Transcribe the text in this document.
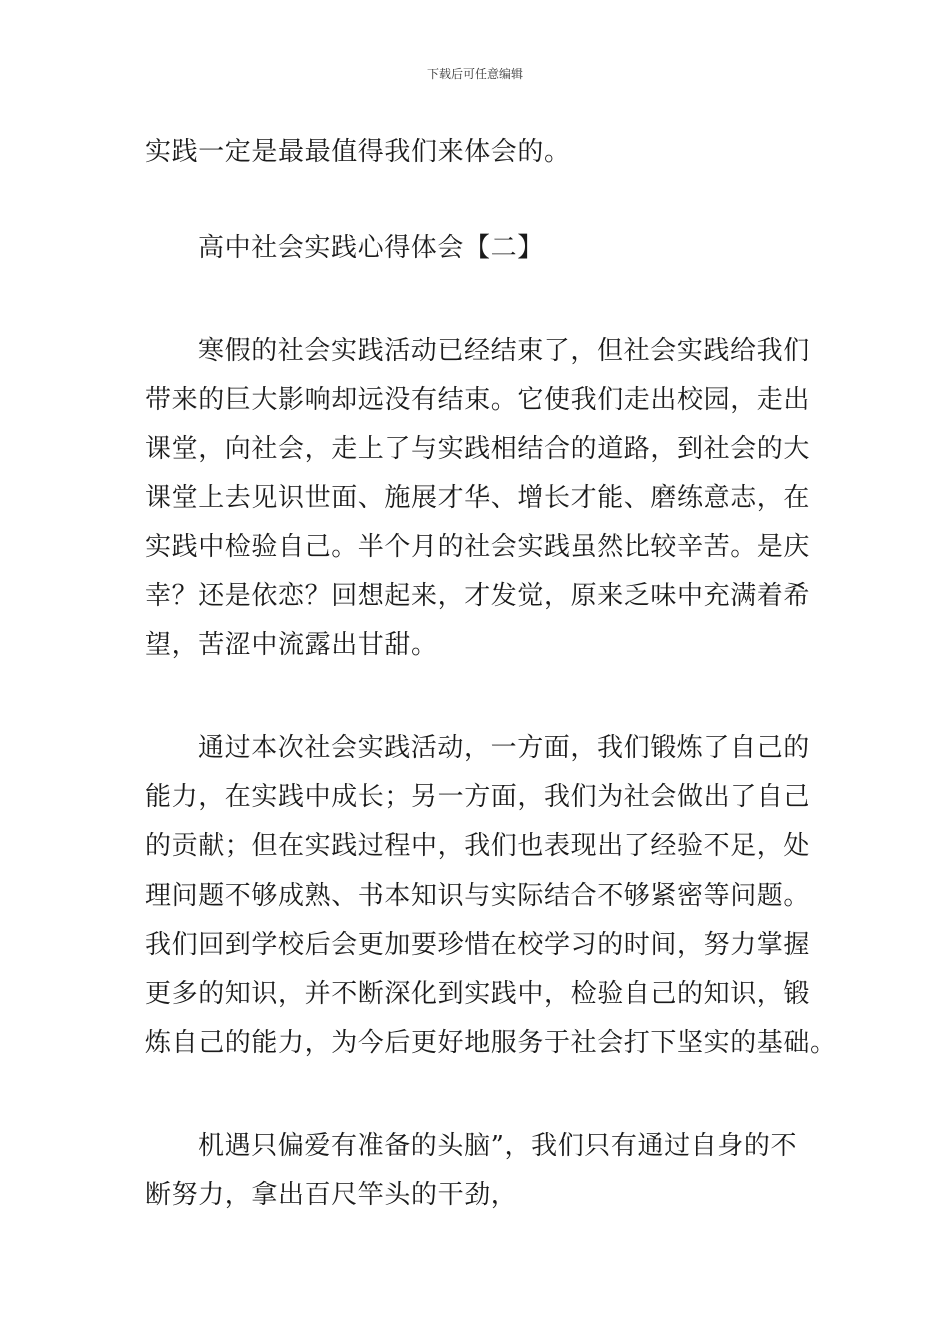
下载后可任意编辑
实践一定是最最值得我们来体会的。
高中社会实践心得体会【二】
寒假的社会实践活动已经结束了，但社会实践给我们
带来的巨大影响却远没有结束。它使我们走出校园，走出
课堂，向社会，走上了与实践相结合的道路，到社会的大
课堂上去见识世面、施展才华、增长才能、磨练意志，在
实践中检验自己。半个月的社会实践虽然比较辛苦。是庆
幸？还是依恋？回想起来，才发觉，原来乏味中充满着希
望，苦涩中流露出甘甜。
通过本次社会实践活动，一方面，我们锻炼了自己的
能力，在实践中成长；另一方面，我们为社会做出了自己
的贡献；但在实践过程中，我们也表现出了经验不足，处
理问题不够成熟、书本知识与实际结合不够紧密等问题。
我们回到学校后会更加要珍惜在校学习的时间，努力掌握
更多的知识，并不断深化到实践中，检验自己的知识，锻
炼自己的能力，为今后更好地服务于社会打下坚实的基础。
机遇只偏爱有准备的头脑”，我们只有通过自身的不
断努力，拿出百尺竿头的干劲，
